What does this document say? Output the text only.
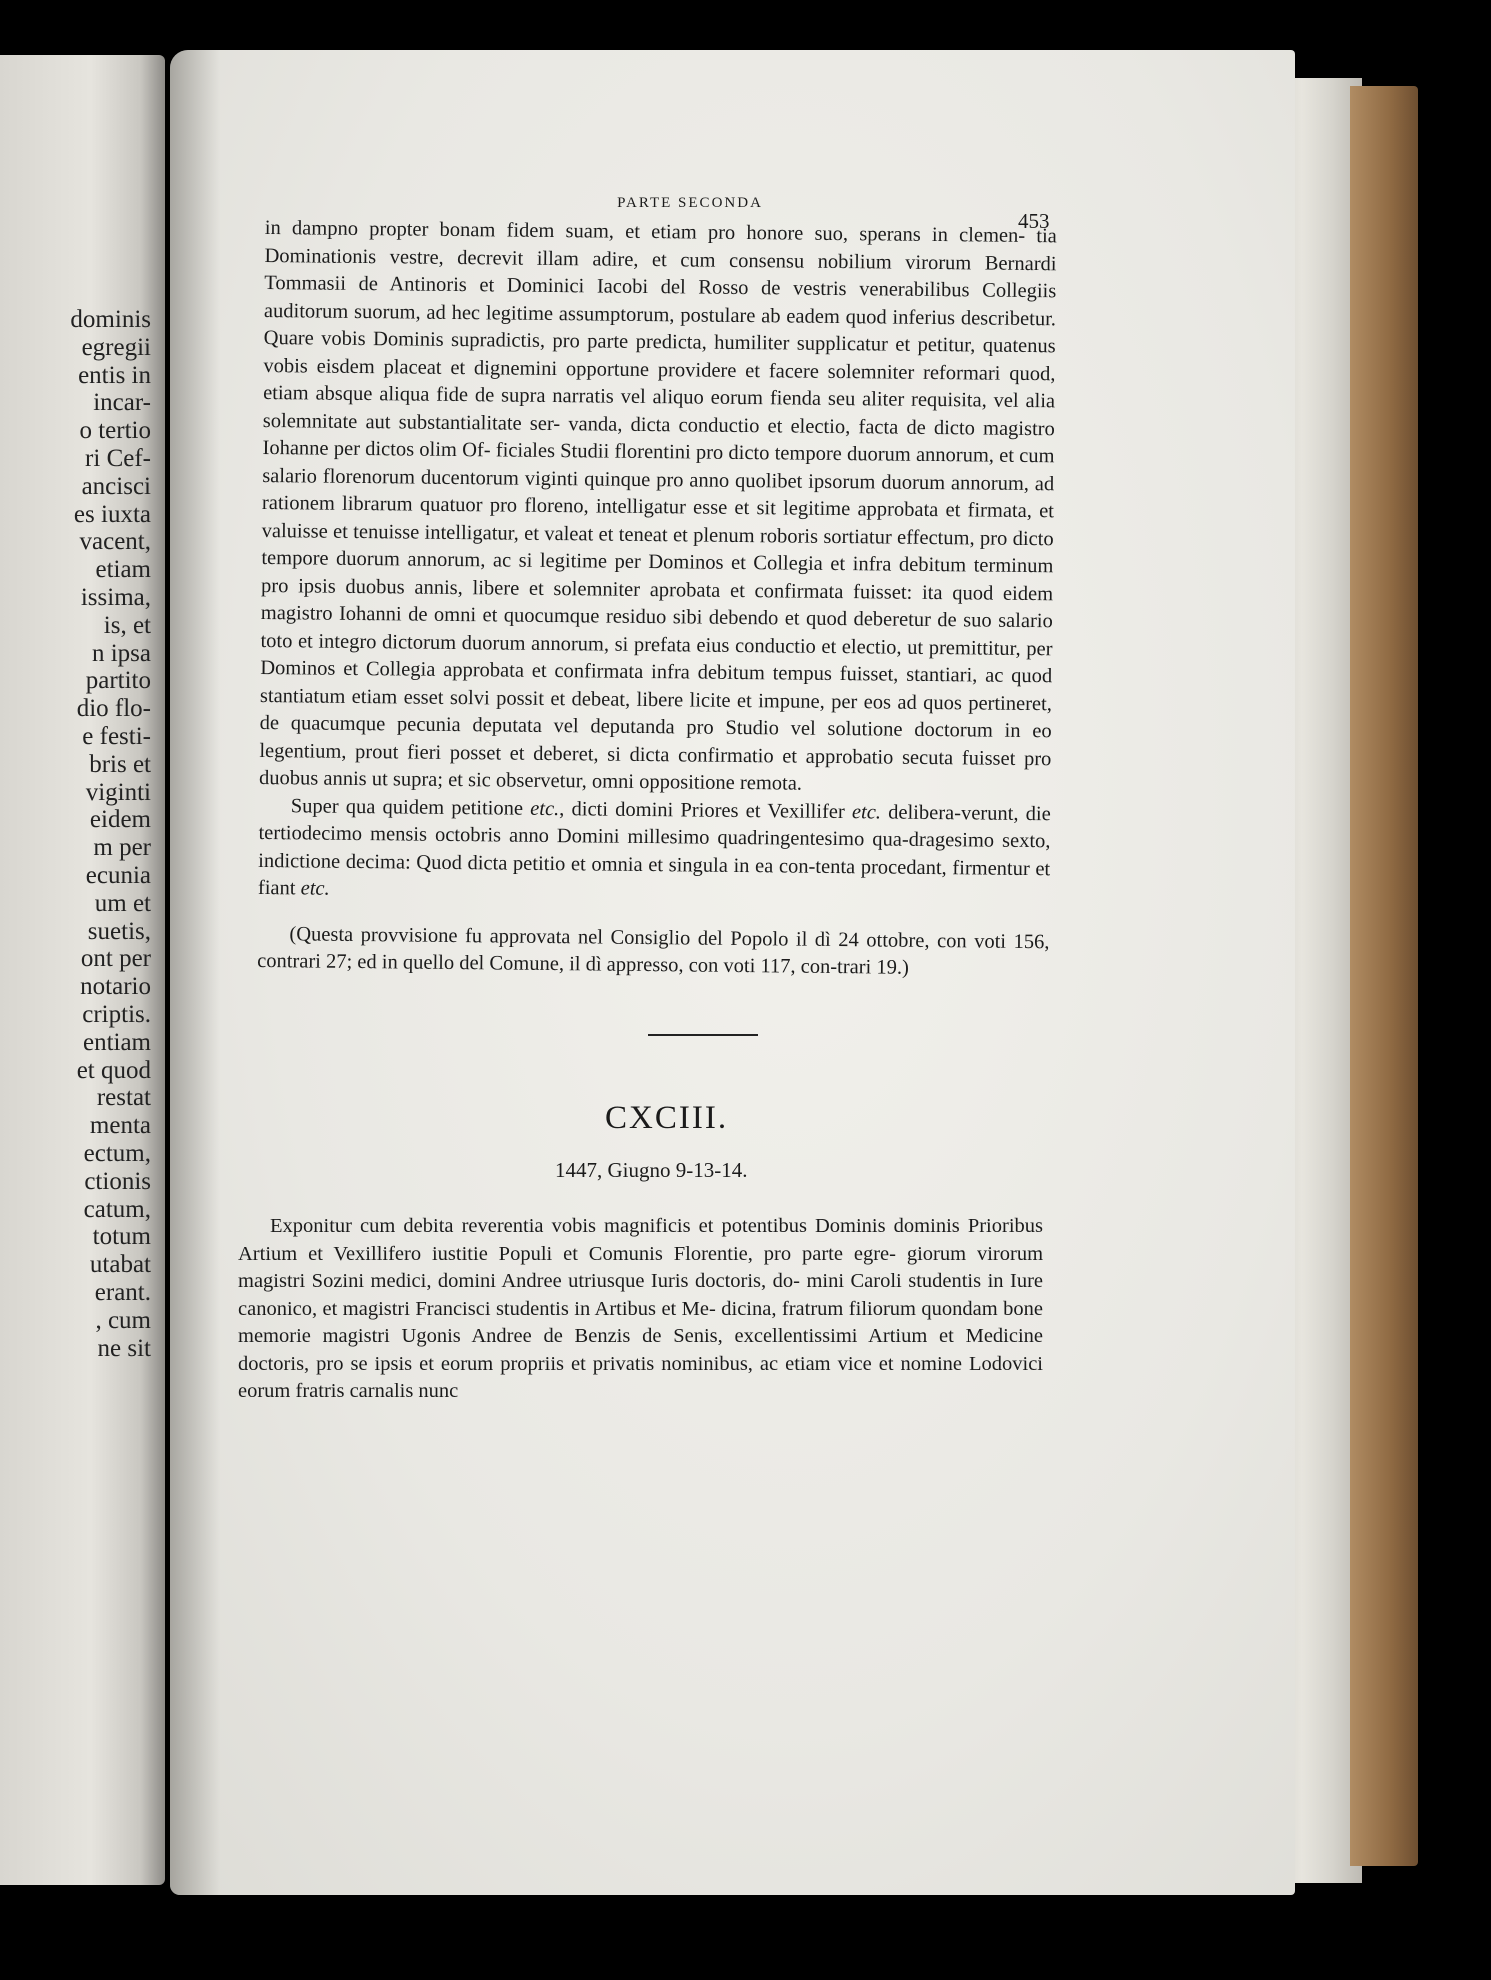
dominis
egregii
entis in
incar-
o tertio
ri Cef-
ancisci
es iuxta
vacent,
etiam
issima,
is, et
n ipsa
partito
dio flo-
e festi-
bris et
viginti
eidem
m per
ecunia
um et
suetis,
ont per
notario
criptis.
entiam
et quod
restat
menta
ectum,
ctionis
catum,
totum
utabat
erant.
, cum
ne sit
PARTE SECONDA
453

in dampno propter bonam fidem suam, et etiam pro honore suo, sperans in clemen- tia Dominationis vestre, decrevit illam adire, et cum consensu nobilium virorum Bernardi Tommasii de Antinoris et Dominici Iacobi del Rosso de vestris venerabilibus Collegiis auditorum suorum, ad hec legitime assumptorum, postulare ab eadem quod inferius describetur. Quare vobis Dominis supradictis, pro parte predicta, humiliter supplicatur et petitur, quatenus vobis eisdem placeat et dignemini opportune providere et facere solemniter reformari quod, etiam absque aliqua fide de supra narratis vel aliquo eorum fienda seu aliter requisita, vel alia solemnitate aut substantialitate ser- vanda, dicta conductio et electio, facta de dicto magistro Iohanne per dictos olim Of- ficiales Studii florentini pro dicto tempore duorum annorum, et cum salario florenorum ducentorum viginti quinque pro anno quolibet ipsorum duorum annorum, ad rationem librarum quatuor pro floreno, intelligatur esse et sit legitime approbata et firmata, et valuisse et tenuisse intelligatur, et valeat et teneat et plenum roboris sortiatur effectum, pro dicto tempore duorum annorum, ac si legitime per Dominos et Collegia et infra debitum terminum pro ipsis duobus annis, libere et solemniter aprobata et confirmata fuisset: ita quod eidem magistro Iohanni de omni et quocumque residuo sibi debendo et quod deberetur de suo salario toto et integro dictorum duorum annorum, si prefata eius conductio et electio, ut premittitur, per Dominos et Collegia approbata et confirmata infra debitum tempus fuisset, stantiari, ac quod stantiatum etiam esset solvi possit et debeat, libere licite et impune, per eos ad quos pertineret, de quacumque pecunia deputata vel deputanda pro Studio vel solutione doctorum in eo legentium, prout fieri posset et deberet, si dicta confirmatio et approbatio secuta fuisset pro duobus annis ut supra; et sic observetur, omni oppositione remota.

Super qua quidem petitione etc., dicti domini Priores et Vexillifer etc. delibera-verunt, die tertiodecimo mensis octobris anno Domini millesimo quadringentesimo qua-dragesimo sexto, indictione decima: Quod dicta petitio et omnia et singula in ea con-tenta procedant, firmentur et fiant etc.

(Questa provvisione fu approvata nel Consiglio del Popolo il dì 24 ottobre, con voti 156, contrari 27; ed in quello del Comune, il dì appresso, con voti 117, con-trari 19.)

CXCIII.
1447, Giugno 9-13-14.

Exponitur cum debita reverentia vobis magnificis et potentibus Dominis dominis Prioribus Artium et Vexillifero iustitie Populi et Comunis Florentie, pro parte egre- giorum virorum magistri Sozini medici, domini Andree utriusque Iuris doctoris, do- mini Caroli studentis in Iure canonico, et magistri Francisci studentis in Artibus et Me- dicina, fratrum filiorum quondam bone memorie magistri Ugonis Andree de Benzis de Senis, excellentissimi Artium et Medicine doctoris, pro se ipsis et eorum propriis et privatis nominibus, ac etiam vice et nomine Lodovici eorum fratris carnalis nunc
